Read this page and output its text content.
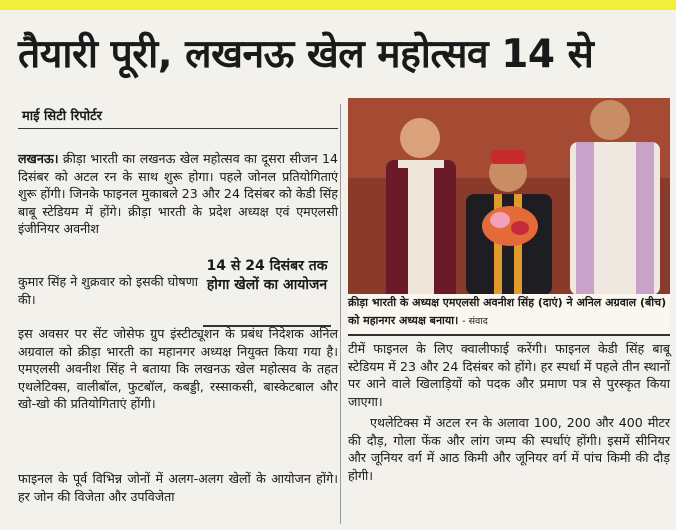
तैयारी पूरी, लखनऊ खेल महोत्सव 14 से
माई सिटी रिपोर्टर
लखनऊ। क्रीड़ा भारती का लखनऊ खेल महोत्सव का दूसरा सीजन 14 दिसंबर को अटल रन के साथ शुरू होगा। पहले जोनल प्रतियोगिताएं शुरू होंगी। जिनके फाइनल मुकाबले 23 और 24 दिसंबर को केडी सिंह बाबू स्टेडियम में होंगे। क्रीड़ा भारती के प्रदेश अध्यक्ष एवं एमएलसी इंजीनियर अवनीश
कुमार सिंह ने शुक्रवार को इसकी घोषणा की।
14 से 24 दिसंबर तक होगा खेलों का आयोजन
इस अवसर पर सेंट जोसेफ ग्रुप इंस्टीट्यूशन के प्रबंध निदेशक अनिल अग्रवाल को क्रीड़ा भारती का महानगर अध्यक्ष नियुक्त किया गया है। एमएलसी अवनीश सिंह ने बताया कि लखनऊ खेल महोत्सव के तहत एथलेटिक्स, वालीबॉल, फुटबॉल, कबड्डी, रस्साकसी, बास्केटबाल और खो-खो की प्रतियोगिताएं होंगी।
फाइनल के पूर्व विभिन्न जोनों में अलग-अलग खेलों के आयोजन होंगे। हर जोन की विजेता और उपविजेता
क्रीड़ा भारती के अध्यक्ष एमएलसी अवनीश सिंह (दाएं) ने अनिल अग्रवाल (बीच) को महानगर अध्यक्ष बनाया। - संवाद
टीमें फाइनल के लिए क्वालीफाई करेंगी। फाइनल केडी सिंह बाबू स्टेडियम में 23 और 24 दिसंबर को होंगे। हर स्पर्धा में पहले तीन स्थानों पर आने वाले खिलाड़ियों को पदक और प्रमाण पत्र से पुरस्कृत किया जाएगा।
एथलेटिक्स में अटल रन के अलावा 100, 200 और 400 मीटर की दौड़, गोला फेंक और लांग जम्प की स्पर्धाएं होंगी। इसमें सीनियर और जूनियर वर्ग में आठ किमी और जूनियर वर्ग में पांच किमी की दौड़ होगी।
